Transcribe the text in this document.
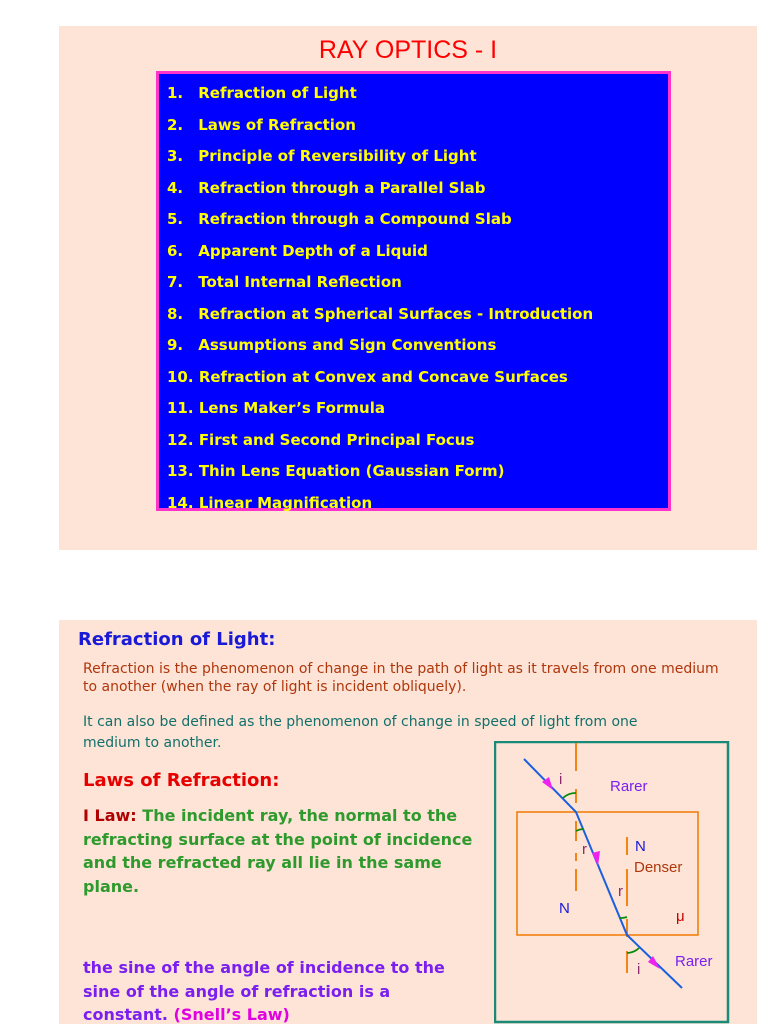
RAY OPTICS - I
1. Refraction of Light
2. Laws of Refraction
3. Principle of Reversibility of Light
4. Refraction through a Parallel Slab
5. Refraction through a Compound Slab
6. Apparent Depth of a Liquid
7. Total Internal Reflection
8. Refraction at Spherical Surfaces - Introduction
9. Assumptions and Sign Conventions
10. Refraction at Convex and Concave Surfaces
11. Lens Maker’s Formula
12. First and Second Principal Focus
13. Thin Lens Equation (Gaussian Form)
14. Linear Magnification
Refraction of Light:
Refraction is the phenomenon of change in the path of light as it travels from one medium to another (when the ray of light is incident obliquely).
It can also be defined as the phenomenon of change in speed of light from one medium to another.
Laws of Refraction:
I Law: The incident ray, the normal to the refracting surface at the point of incidence and the refracted ray all lie in the same plane.
the sine of the angle of incidence to the sine of the angle of refraction is a constant. (Snell’s Law)
i	Rarer
r	N
Denser
r
N	μ
i Rarer
